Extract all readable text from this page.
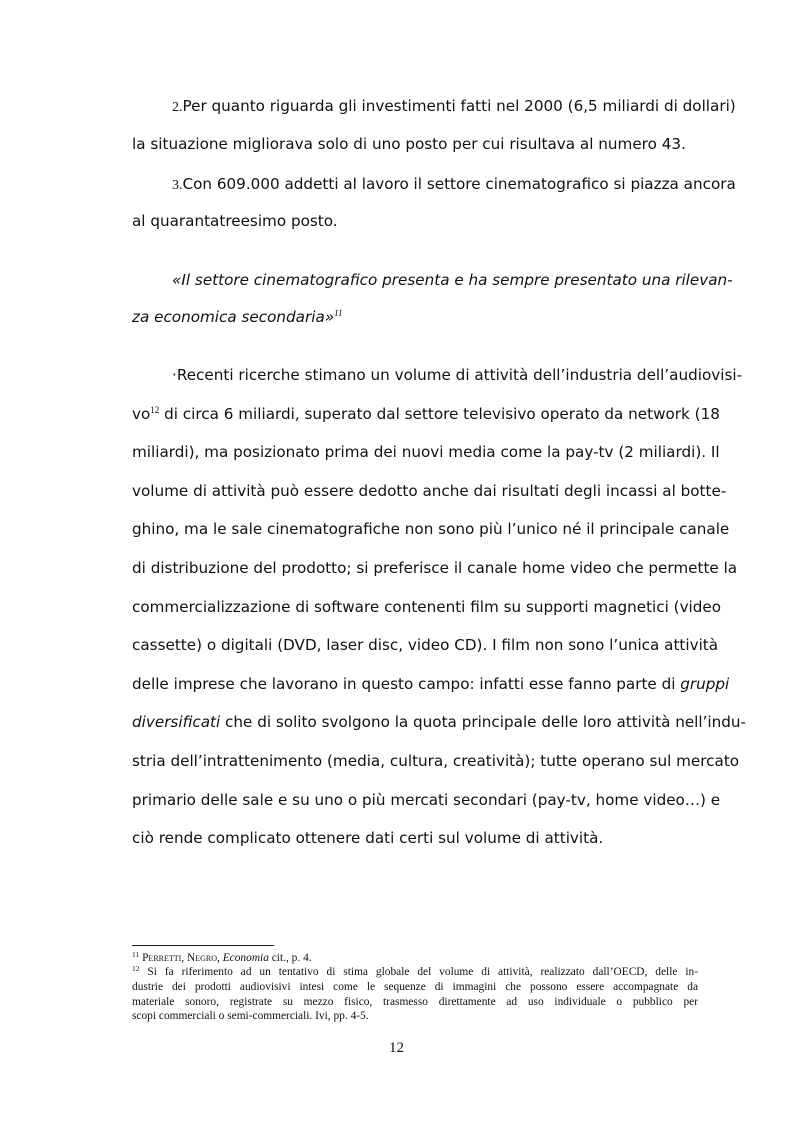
2.Per quanto riguarda gli investimenti fatti nel 2000 (6,5 miliardi di dollari)
la situazione migliorava solo di uno posto per cui risultava al numero 43.
3.Con 609.000 addetti al lavoro il settore cinematografico si piazza ancora
al quarantatreesimo posto.
«Il settore cinematografico presenta e ha sempre presentato una rilevan-
za economica secondaria»$^{11}$
·Recenti ricerche stimano un volume di attività dell’industria dell’audiovisi-
$vo^{12}$ di circa 6 miliardi, superato dal settore televisivo operato da network (18
miliardi), ma posizionato prima dei nuovi media come la pay-tv (2 miliardi). Il
volume di attività può essere dedotto anche dai risultati degli incassi al botte-
ghino, ma le sale cinematografiche non sono più l’unico né il principale canale
di distribuzione del prodotto; si preferisce il canale home video che permette la
commercializzazione di software contenenti film su supporti magnetici (video
cassette) o digitali (DVD, laser disc, video CD). I film non sono l’unica attività
delle imprese che lavorano in questo campo: infatti esse fanno parte di gruppi
diversificati che di solito svolgono la quota principale delle loro attività nell’indu-
stria dell’intrattenimento (media, cultura, creatività); tutte operano sul mercato
primario delle sale e su uno o più mercati secondari (pay-tv, home video…) e
ciò rende complicato ottenere dati certi sul volume di attività.
$^{11}$ Perretti, Negro, Economia cit., p. 4.
$^{12}$ Si fa riferimento ad un tentativo di stima globale del volume di attività, realizzato dall’OECD, delle in-
dustrie dei prodotti audiovisivi intesi come le sequenze di immagini che possono essere accompagnate da
materiale sonoro, registrate su mezzo fisico, trasmesso direttamente ad uso individuale o pubblico per
scopi commerciali o semi-commerciali. Ivi, pp. 4-5.
12
